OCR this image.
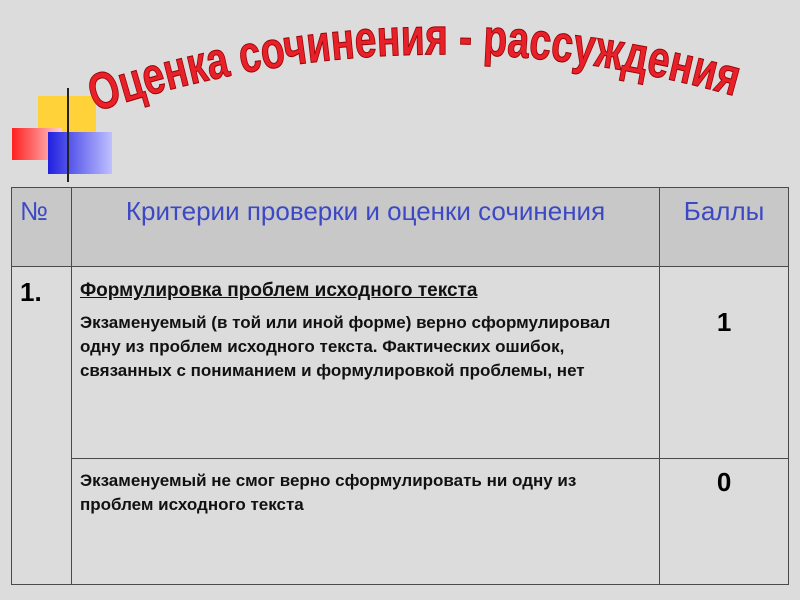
Оценка сочинения - рассуждения
№	Критерии проверки и оценки сочинения	Баллы
1.	Формулировка проблем исходного текста
Экзаменуемый (в той или иной форме) верно сформулировал одну из проблем исходного текста. Фактических ошибок, связанных с пониманием и формулировкой проблемы, нет	1

	Экзаменуемый не смог верно сформулировать ни одну из проблем исходного текста	0
